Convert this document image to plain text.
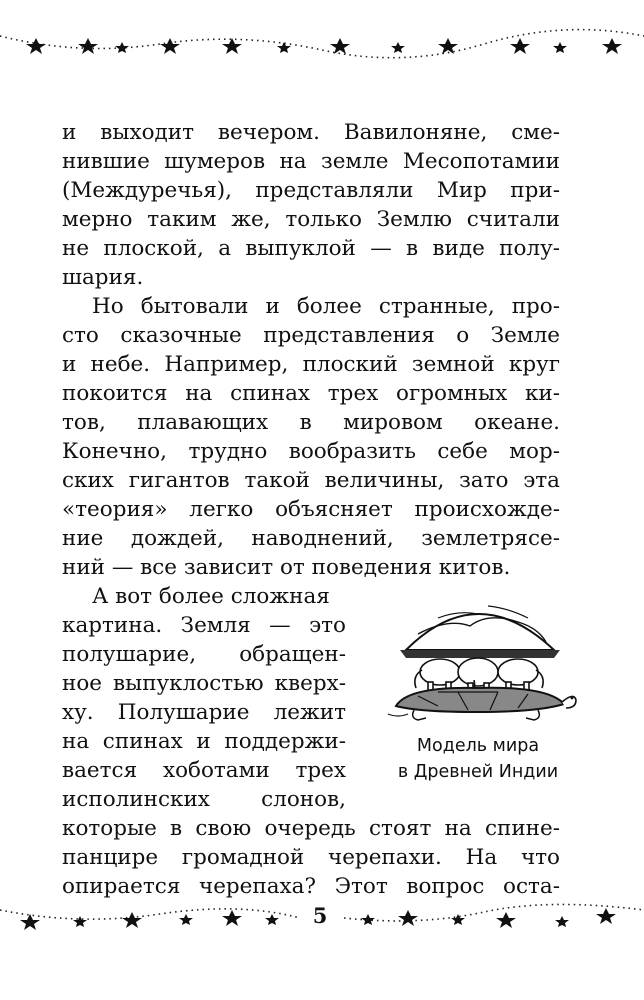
и выходит вечером. Вавилоняне, сме-
нившие шумеров на земле Месопотамии
(Междуречья), представляли Мир при-
мерно таким же, только Землю считали
не плоской, а выпуклой — в виде полу-
шария.
Но бытовали и более странные, про-
сто сказочные представления о Земле
и небе. Например, плоский земной круг
покоится на спинах трех огромных ки-
тов, плавающих в мировом океане.
Конечно, трудно вообразить себе мор-
ских гигантов такой величины, зато эта
«теория» легко объясняет происхожде-
ние дождей, наводнений, землетрясе-
ний — все зависит от поведения китов.
А вот более сложная
картина. Земля — это
полушарие, обращен-
ное выпуклостью кверх-
ху. Полушарие лежит
на спинах и поддержи-
вается хоботами трех
исполинских слонов,
которые в свою очередь стоят на спине-
панцире громадной черепахи. На что
опирается черепаха? Этот вопрос оста-
Модель мира
в Древней Индии
5
